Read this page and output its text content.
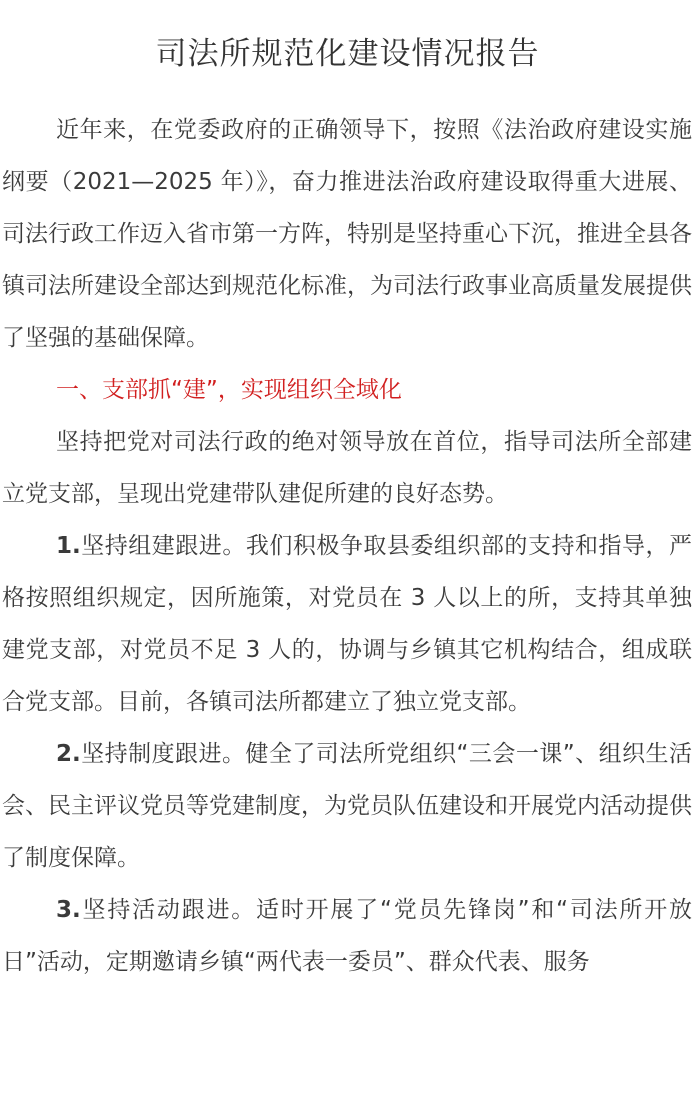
司法所规范化建设情况报告

近年来，在党委政府的正确领导下，按照《法治政府建设实施纲要（2021—2025 年）》，奋力推进法治政府建设取得重大进展、司法行政工作迈入省市第一方阵，特别是坚持重心下沉，推进全县各镇司法所建设全部达到规范化标准，为司法行政事业高质量发展提供了坚强的基础保障。

一、支部抓“建”，实现组织全域化

坚持把党对司法行政的绝对领导放在首位，指导司法所全部建立党支部，呈现出党建带队建促所建的良好态势。

1.坚持组建跟进。我们积极争取县委组织部的支持和指导，严格按照组织规定，因所施策，对党员在 3 人以上的所，支持其单独建党支部，对党员不足 3 人的，协调与乡镇其它机构结合，组成联合党支部。目前，各镇司法所都建立了独立党支部。

2.坚持制度跟进。健全了司法所党组织“三会一课”、组织生活会、民主评议党员等党建制度，为党员队伍建设和开展党内活动提供了制度保障。

3.坚持活动跟进。适时开展了“党员先锋岗”和“司法所开放日”活动，定期邀请乡镇“两代表一委员”、群众代表、服务
